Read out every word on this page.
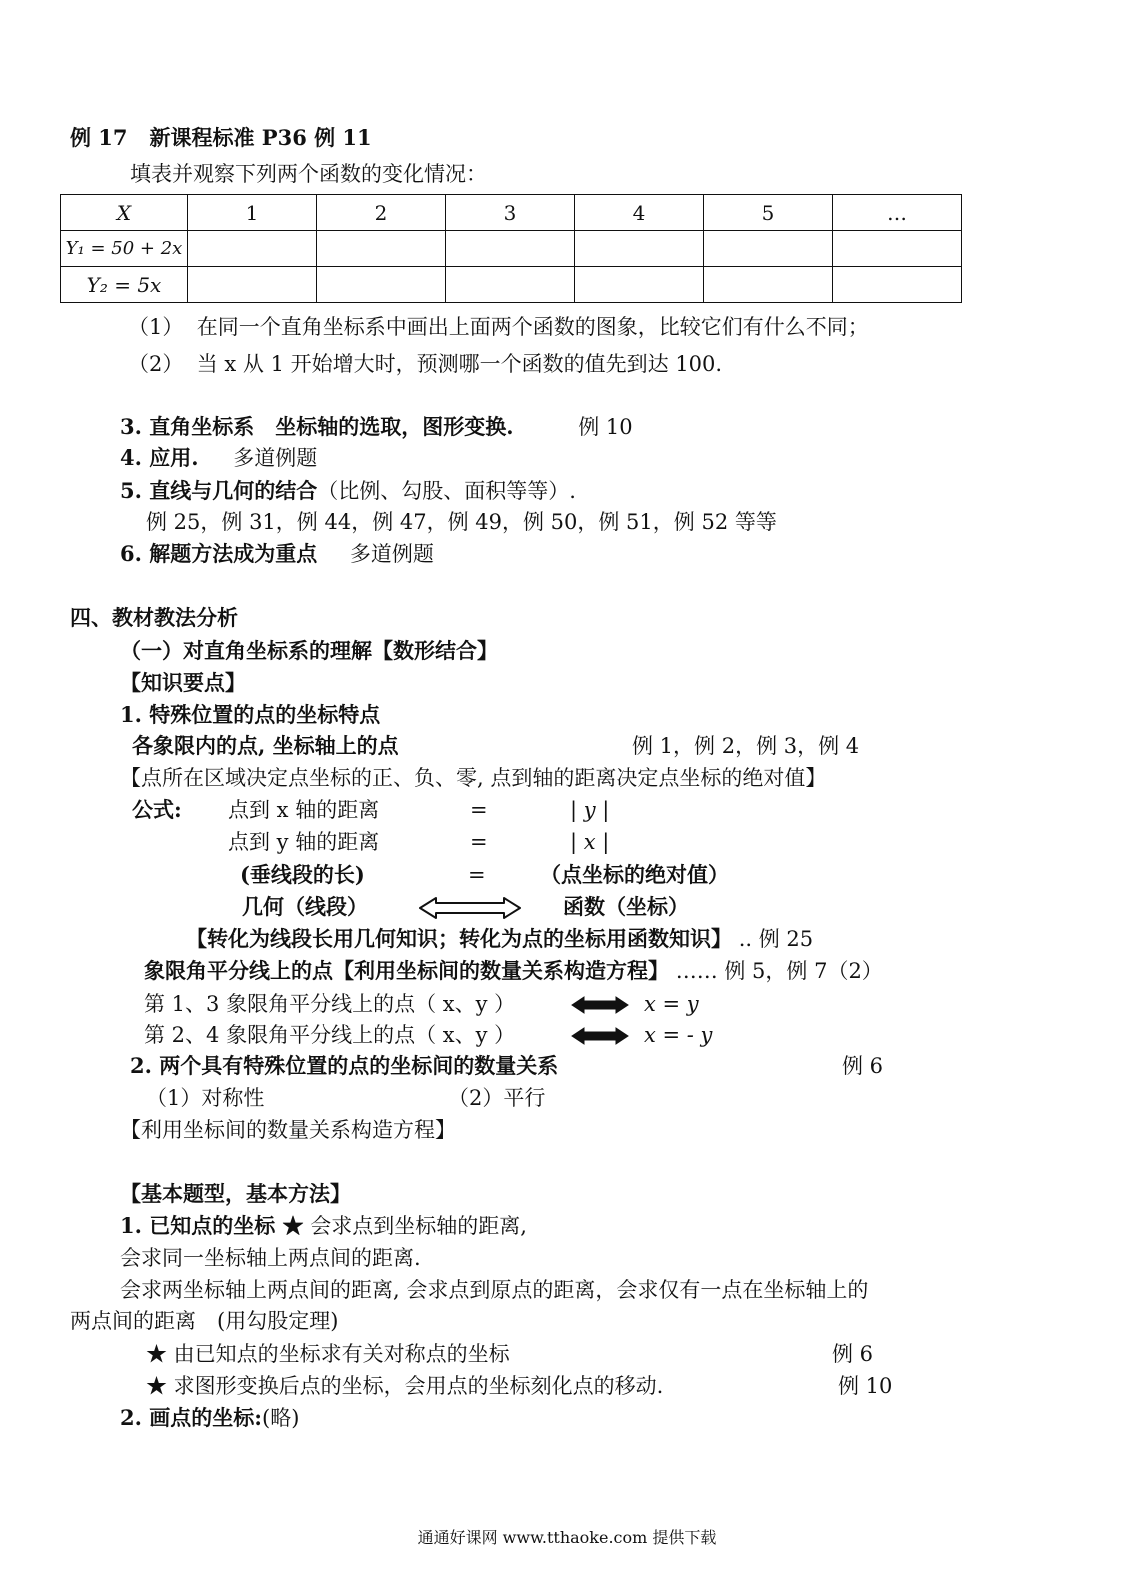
例 17 新课程标准 P36 例 11
填表并观察下列两个函数的变化情况：
X	1	2	3	4	5	…
Y₁ = 50 + 2x						
Y₂ = 5x						
（1） 在同一个直角坐标系中画出上面两个函数的图象，比较它们有什么不同；
（2） 当 x 从 1 开始增大时，预测哪一个函数的值先到达 100.
3. 直角坐标系　坐标轴的选取，图形变换.	例 10
4. 应用. 多道例题
5. 直线与几何的结合（比例、勾股、面积等等）.
例 25，例 31，例 44，例 47，例 49，例 50，例 51，例 52 等等
6. 解题方法成为重点 多道例题
四、教材教法分析
（一）对直角坐标系的理解【数形结合】
【知识要点】
1. 特殊位置的点的坐标特点
各象限内的点, 坐标轴上的点	例 1，例 2，例 3，例 4
【点所在区域决定点坐标的正、负、零, 点到轴的距离决定点坐标的绝对值】
公式: 点到 x 轴的距离	=	| y |
点到 y 轴的距离	=	| x |
(垂线段的长)	=	（点坐标的绝对值）
几何（线段）	函数（坐标）
【转化为线段长用几何知识；转化为点的坐标用函数知识】 .. 例 25
象限角平分线上的点【利用坐标间的数量关系构造方程】 …… 例 5，例 7（2）
第 1、3 象限角平分线上的点（ x、y ）	x = y
第 2、4 象限角平分线上的点（ x、y ）	x = - y
2. 两个具有特殊位置的点的坐标间的数量关系	例 6
（1）对称性	（2）平行
【利用坐标间的数量关系构造方程】
【基本题型，基本方法】
1. 已知点的坐标 ★ 会求点到坐标轴的距离,
会求同一坐标轴上两点间的距离.
会求两坐标轴上两点间的距离, 会求点到原点的距离，会求仅有一点在坐标轴上的
两点间的距离　(用勾股定理)
★ 由已知点的坐标求有关对称点的坐标	例 6
★ 求图形变换后点的坐标，会用点的坐标刻化点的移动.	例 10
2. 画点的坐标:(略)
通通好课网 www.tthaoke.com 提供下载
